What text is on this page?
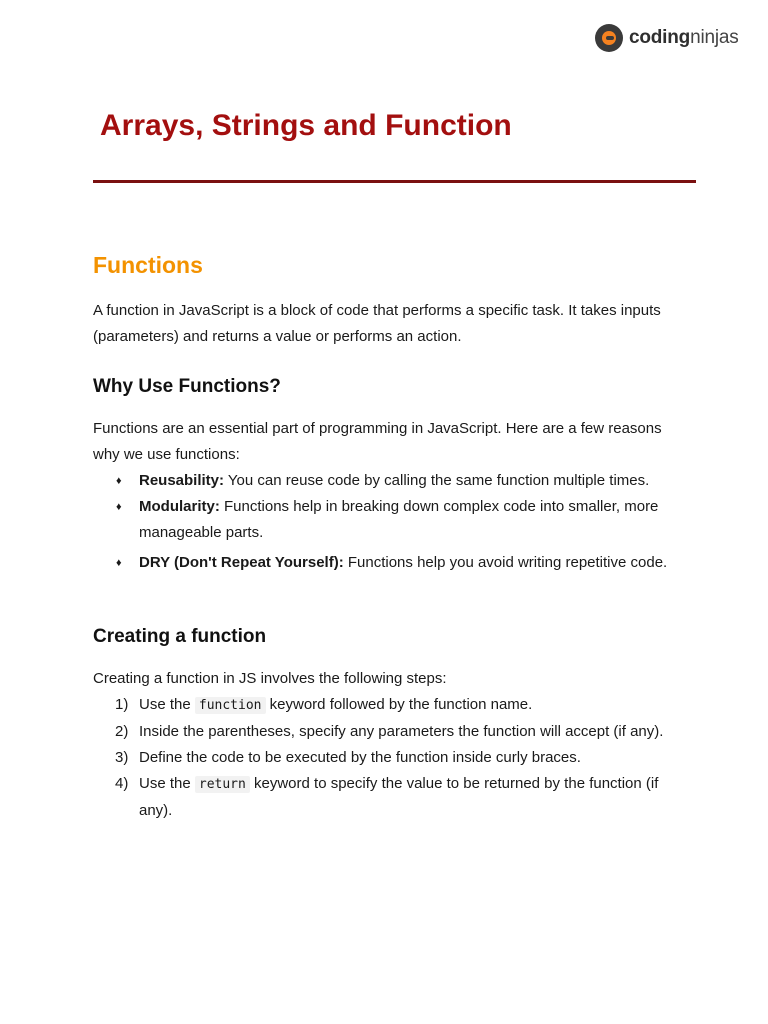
codingninjas
Arrays, Strings and Function
Functions

A function in JavaScript is a block of code that performs a specific task. It takes inputs (parameters) and returns a value or performs an action.

Why Use Functions?

Functions are an essential part of programming in JavaScript. Here are a few reasons why we use functions:

♦ Reusability: You can reuse code by calling the same function multiple times.
♦ Modularity: Functions help in breaking down complex code into smaller, more manageable parts.
♦ DRY (Don't Repeat Yourself): Functions help you avoid writing repetitive code.
Creating a function

Creating a function in JS involves the following steps:

1) Use the function keyword followed by the function name.
2) Inside the parentheses, specify any parameters the function will accept (if any).
3) Define the code to be executed by the function inside curly braces.
4) Use the return keyword to specify the value to be returned by the function (if any).
